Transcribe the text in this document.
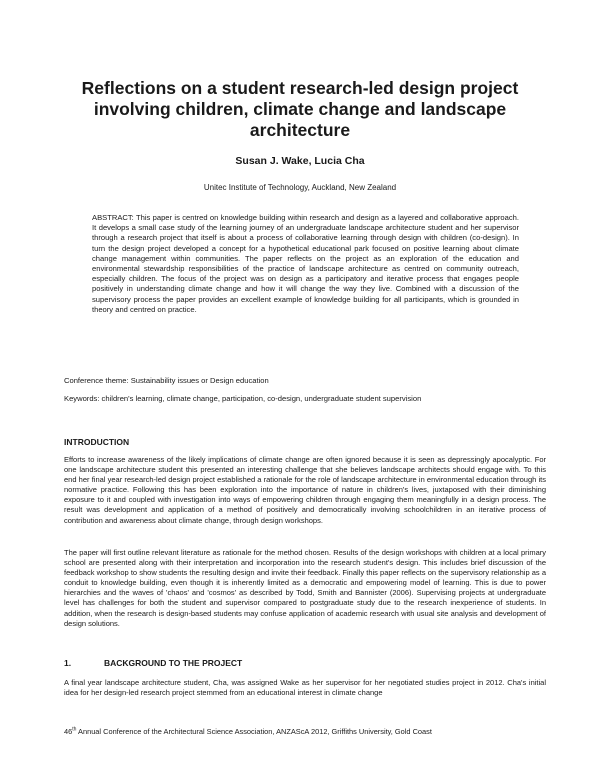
Reflections on a student research-led design project involving children, climate change and landscape architecture
Susan J. Wake, Lucia Cha
Unitec Institute of Technology, Auckland, New Zealand

ABSTRACT: This paper is centred on knowledge building within research and design as a layered and collaborative approach. It develops a small case study of the learning journey of an undergraduate landscape architecture student and her supervisor through a research project that itself is about a process of collaborative learning through design with children (co-design). In turn the design project developed a concept for a hypothetical educational park focused on positive learning about climate change management within communities. The paper reflects on the project as an exploration of the education and environmental stewardship responsibilities of the practice of landscape architecture as centred on community outreach, especially children. The focus of the project was on design as a participatory and iterative process that engages people positively in understanding climate change and how it will change the way they live. Combined with a discussion of the supervisory process the paper provides an excellent example of knowledge building for all participants, which is grounded in theory and centred on practice.

Conference theme: Sustainability issues or Design education

Keywords: children's learning, climate change, participation, co-design, undergraduate student supervision

INTRODUCTION

Efforts to increase awareness of the likely implications of climate change are often ignored because it is seen as depressingly apocalyptic. For one landscape architecture student this presented an interesting challenge that she believes landscape architects should engage with. To this end her final year research-led design project established a rationale for the role of landscape architecture in environmental education through its normative practice. Following this has been exploration into the importance of nature in children's lives, juxtaposed with their diminishing exposure to it and coupled with investigation into ways of empowering children through engaging them meaningfully in a design process. The result was development and application of a method of positively and democratically involving schoolchildren in an iterative process of contribution and awareness about climate change, through design workshops.

The paper will first outline relevant literature as rationale for the method chosen. Results of the design workshops with children at a local primary school are presented along with their interpretation and incorporation into the research student's design. This includes brief discussion of the feedback workshop to show students the resulting design and invite their feedback. Finally this paper reflects on the supervisory relationship as a conduit to knowledge building, even though it is inherently limited as a democratic and empowering model of learning. This is due to power hierarchies and the waves of 'chaos' and 'cosmos' as described by Todd, Smith and Bannister (2006). Supervising projects at undergraduate level has challenges for both the student and supervisor compared to postgraduate study due to the research inexperience of students. In addition, when the research is design-based students may confuse application of academic research with usual site analysis and development of design solutions.

1.	BACKGROUND TO THE PROJECT

A final year landscape architecture student, Cha, was assigned Wake as her supervisor for her negotiated studies project in 2012. Cha's initial idea for her design-led research project stemmed from an educational interest in climate change

46th Annual Conference of the Architectural Science Association, ANZAScA 2012, Griffiths University, Gold Coast
